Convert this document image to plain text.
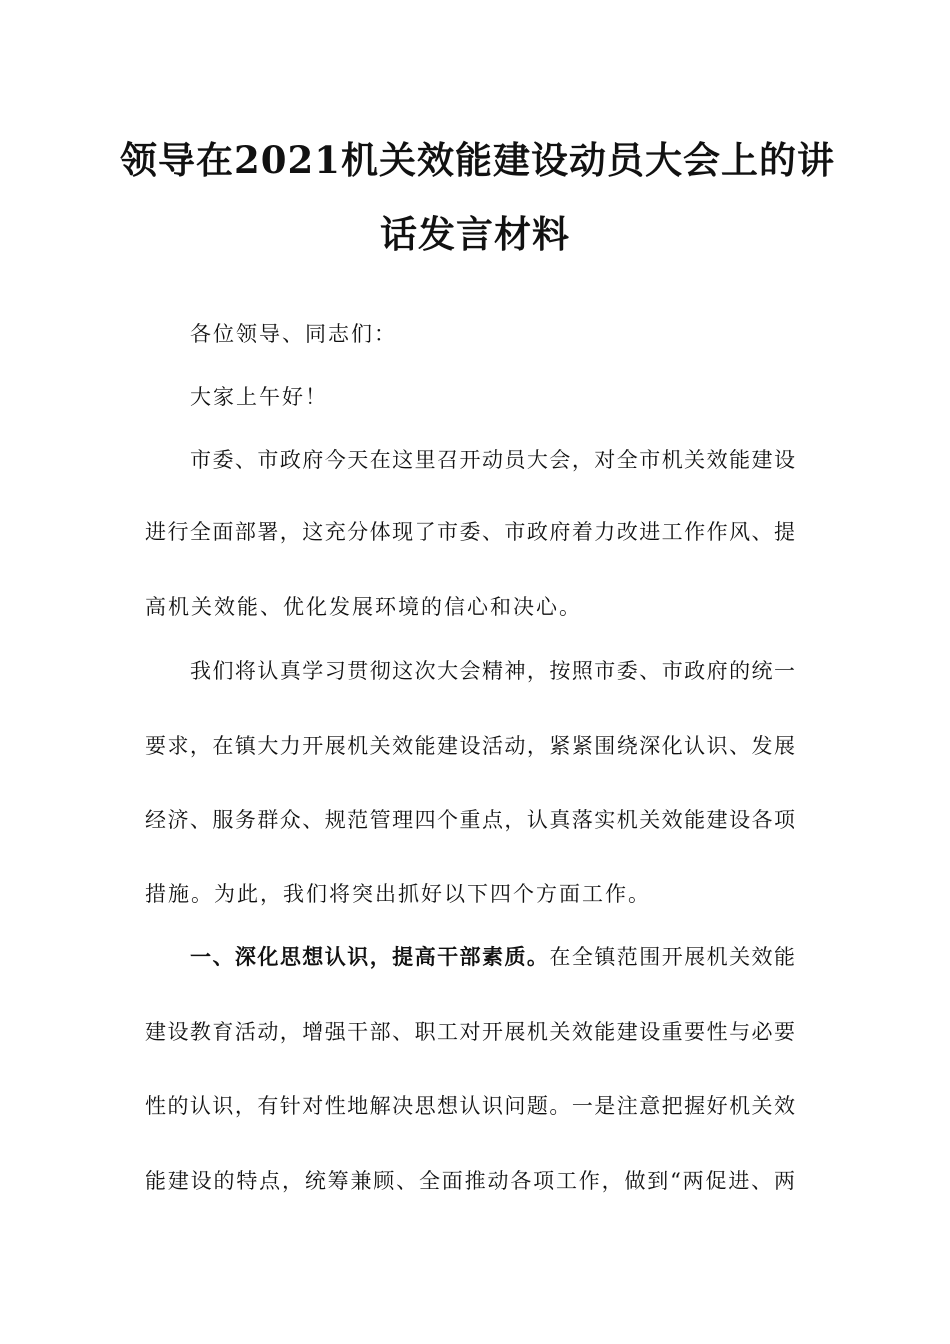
领导在2021机关效能建设动员大会上的讲
话发言材料

各位领导、同志们：

大家上午好！

市委、市政府今天在这里召开动员大会，对全市机关效能建设

进行全面部署，这充分体现了市委、市政府着力改进工作作风、提

高机关效能、优化发展环境的信心和决心。

我们将认真学习贯彻这次大会精神，按照市委、市政府的统一

要求，在镇大力开展机关效能建设活动，紧紧围绕深化认识、发展

经济、服务群众、规范管理四个重点，认真落实机关效能建设各项

措施。为此，我们将突出抓好以下四个方面工作。

一、深化思想认识，提高干部素质。在全镇范围开展机关效能

建设教育活动，增强干部、职工对开展机关效能建设重要性与必要

性的认识，有针对性地解决思想认识问题。一是注意把握好机关效

能建设的特点，统筹兼顾、全面推动各项工作，做到“两促进、两
